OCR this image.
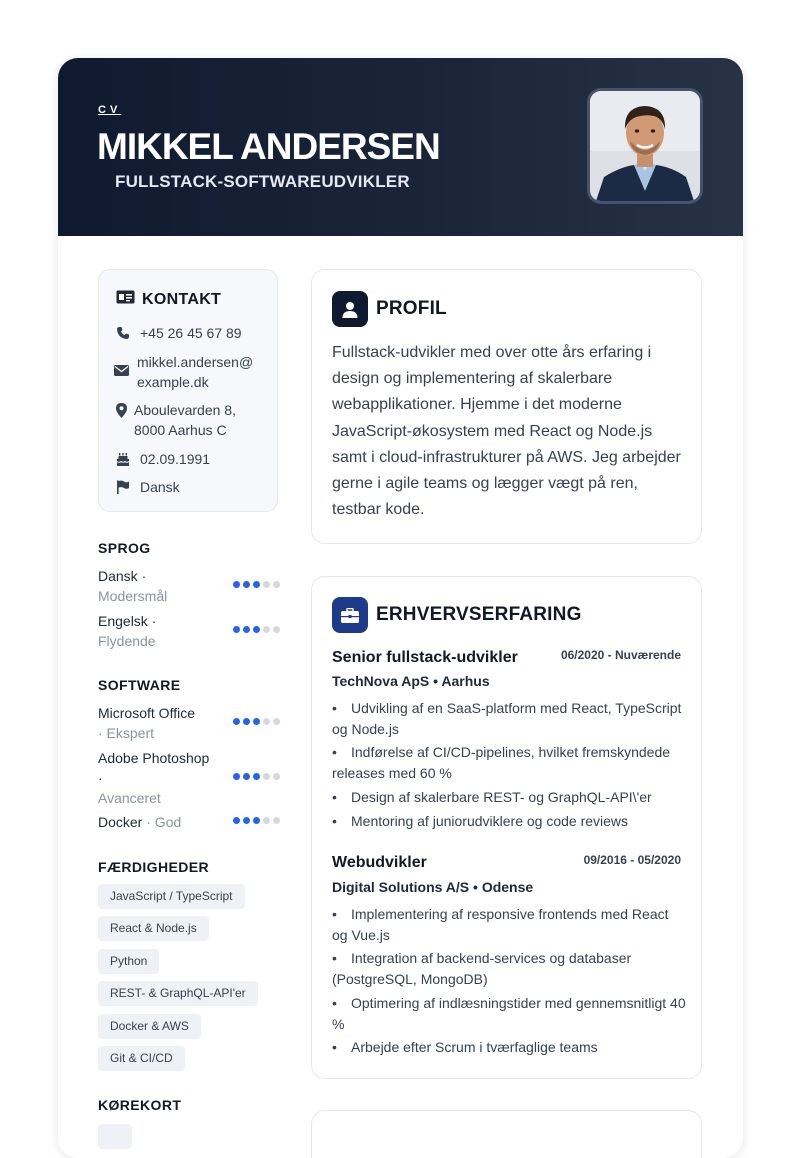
CV
MIKKEL ANDERSEN
FULLSTACK-SOFTWAREUDVIKLER
KONTAKT
+45 26 45 67 89
mikkel.andersen@
example.dk
Aboulevarden 8,
8000 Aarhus C
02.09.1991
Dansk
SPROG
Dansk ·
Modersmål
Engelsk ·
Flydende
SOFTWARE
Microsoft Office
· Ekspert
Adobe Photoshop ·
Avanceret
Docker · God
FÆRDIGHEDER
JavaScript / TypeScript
React & Node.js
Python
REST- & GraphQL-API'er
Docker & AWS
Git & CI/CD
KØREKORT
PROFIL
Fullstack-udvikler med over otte års erfaring i design og implementering af skalerbare webapplikationer. Hjemme i det moderne JavaScript-økosystem med React og Node.js samt i cloud-infrastrukturer på AWS. Jeg arbejder gerne i agile teams og lægger vægt på ren, testbar kode.
ERHVERVSERFARING
Senior fullstack-udvikler	06/2020 - Nuværende
TechNova ApS • Aarhus
• Udvikling af en SaaS-platform med React, TypeScript og Node.js
• Indførelse af CI/CD-pipelines, hvilket fremskyndede releases med 60 %
• Design af skalerbare REST- og GraphQL-API\'er
• Mentoring af juniorudviklere og code reviews
Webudvikler	09/2016 - 05/2020
Digital Solutions A/S • Odense
• Implementering af responsive frontends med React og Vue.js
• Integration af backend-services og databaser (PostgreSQL, MongoDB)
• Optimering af indlæsningstider med gennemsnitligt 40 %
• Arbejde efter Scrum i tværfaglige teams
